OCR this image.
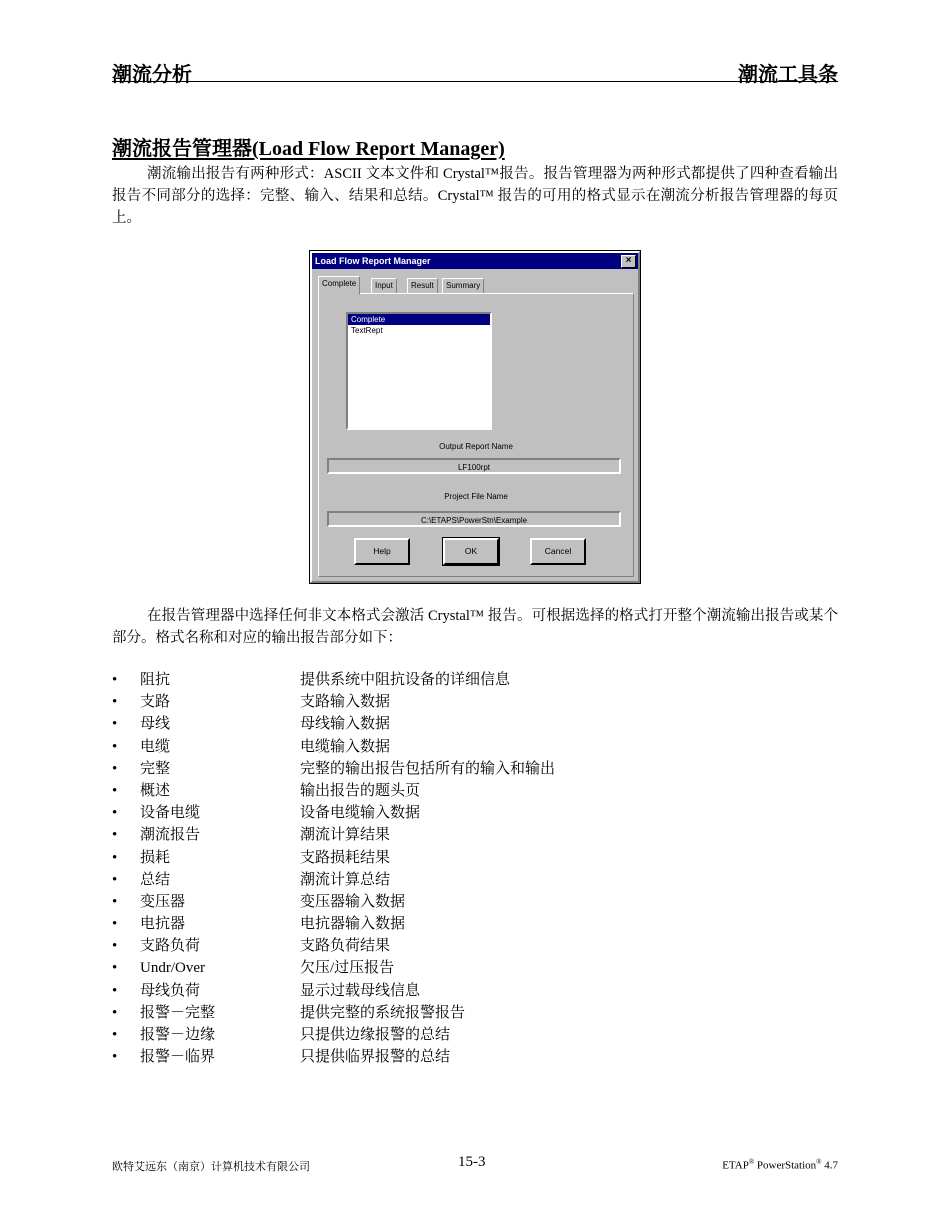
潮流分析	潮流工具条
潮流报告管理器(Load Flow Report Manager)
潮流输出报告有两种形式：ASCII 文本文件和 Crystal™报告。报告管理器为两种形式都提供了四种查看输出报告不同部分的选择：完整、输入、结果和总结。Crystal™ 报告的可用的格式显示在潮流分析报告管理器的每页上。
Load Flow Report Manager	×
Complete	Input	Result	Summary
Complete
TextRept
Output Report Name
LF100rpt
Project File Name
C:\ETAPS\PowerStn\Example
Help	OK	Cancel
在报告管理器中选择任何非文本格式会激活 Crystal™ 报告。可根据选择的格式打开整个潮流输出报告或某个部分。格式名称和对应的输出报告部分如下：
• 阻抗	提供系统中阻抗设备的详细信息
• 支路	支路输入数据
• 母线	母线输入数据
• 电缆	电缆输入数据
• 完整	完整的输出报告包括所有的输入和输出
• 概述	输出报告的题头页
• 设备电缆	设备电缆输入数据
• 潮流报告	潮流计算结果
• 损耗	支路损耗结果
• 总结	潮流计算总结
• 变压器	变压器输入数据
• 电抗器	电抗器输入数据
• 支路负荷	支路负荷结果
• Undr/Over	欠压/过压报告
• 母线负荷	显示过载母线信息
• 报警－完整	提供完整的系统报警报告
• 报警－边缘	只提供边缘报警的总结
• 报警－临界	只提供临界报警的总结
欧特艾远东（南京）计算机技术有限公司	15-3	ETAP® PowerStation® 4.7
